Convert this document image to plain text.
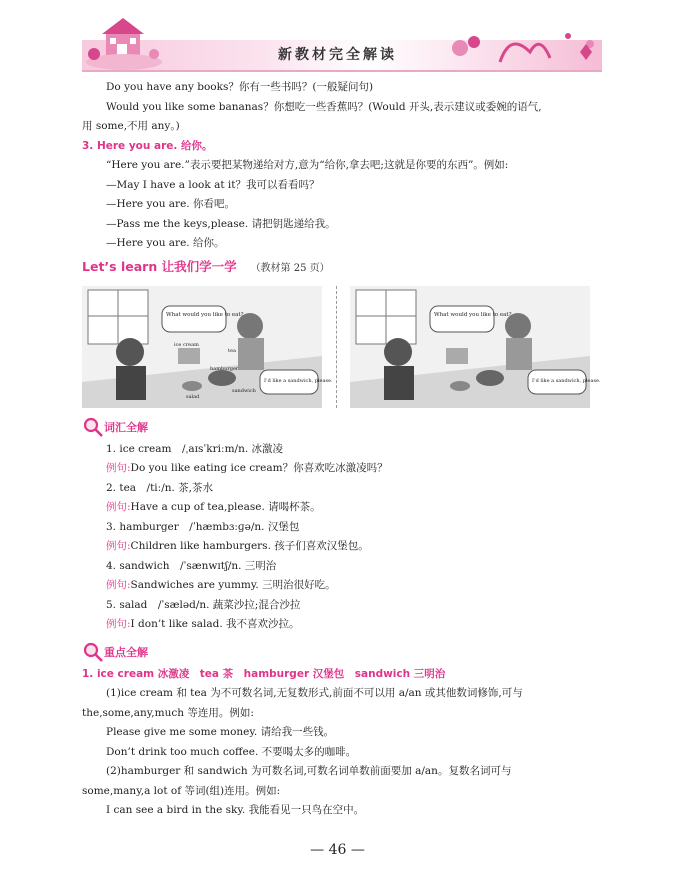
新教材完全解读

Do you have any books？你有一些书吗？(一般疑问句)

Would you like some bananas？你想吃一些香蕉吗？(Would 开头,表示建议或委婉的语气,

用 some,不用 any。)

3. Here you are. 给你。

“Here you are.”表示要把某物递给对方,意为“给你,拿去吧;这就是你要的东西”。例如:

—May I have a look at it？我可以看看吗？

—Here you are. 你看吧。

—Pass me the keys,please. 请把钥匙递给我。

—Here you are. 给你。

Let’s learn 让我们学一学 （教材第 25 页）

What would you like to eat?
I’d like a sandwich, please.
ice cream
hamburger
tea
salad
sandwich
What would you like to eat?
I’d like a sandwich, please.
词汇全解

1. ice cream　/ˌaɪsˈkriːm/n. 冰激凌

例句:Do you like eating ice cream？你喜欢吃冰激凌吗？

2. tea　/tiː/n. 茶,茶水

例句:Have a cup of tea,please. 请喝杯茶。

3. hamburger　/ˈhæmbɜːɡə/n. 汉堡包

例句:Children like hamburgers. 孩子们喜欢汉堡包。

4. sandwich　/ˈsænwɪtʃ/n. 三明治

例句:Sandwiches are yummy. 三明治很好吃。

5. salad　/ˈsæləd/n. 蔬菜沙拉;混合沙拉

例句:I don’t like salad. 我不喜欢沙拉。

重点全解

1. ice cream 冰激凌　tea 茶　hamburger 汉堡包　sandwich 三明治

(1)ice cream 和 tea 为不可数名词,无复数形式,前面不可以用 a/an 或其他数词修饰,可与

the,some,any,much 等连用。例如:

Please give me some money. 请给我一些钱。

Don’t drink too much coffee. 不要喝太多的咖啡。

(2)hamburger 和 sandwich 为可数名词,可数名词单数前面要加 a/an。复数名词可与

some,many,a lot of 等词(组)连用。例如:

I can see a bird in the sky. 我能看见一只鸟在空中。

— 46 —
